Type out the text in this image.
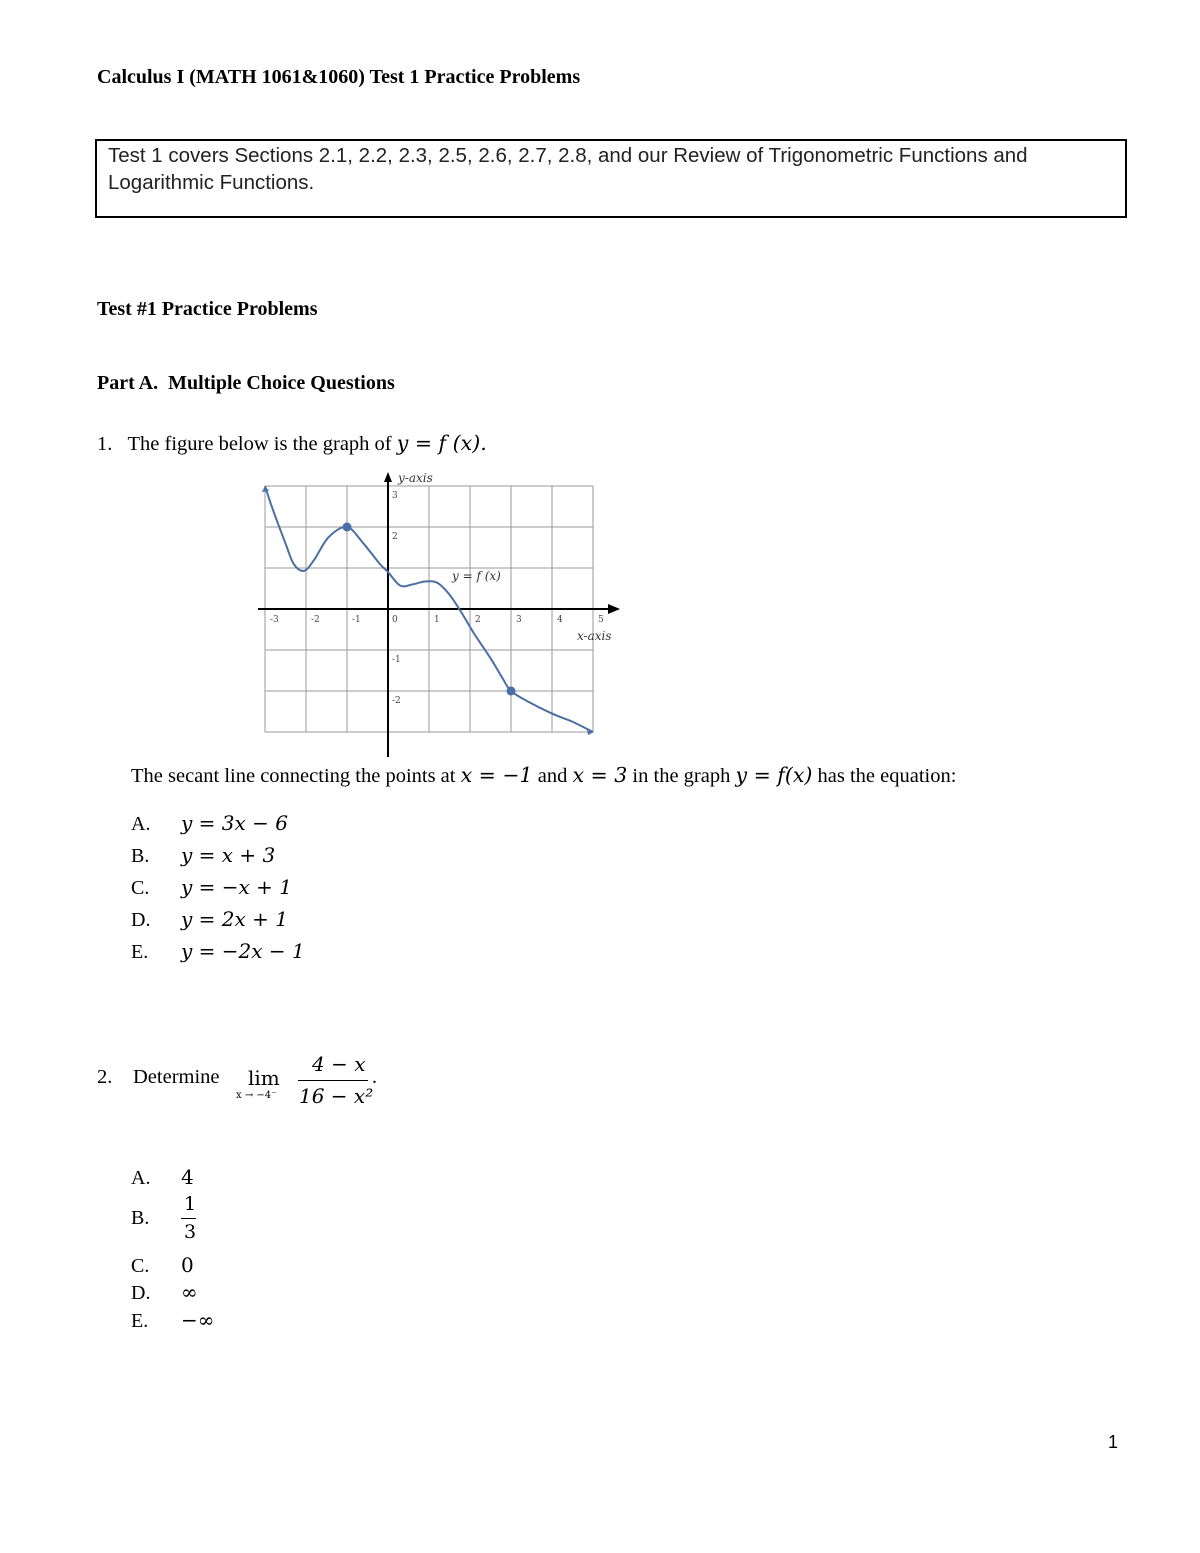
Calculus I (MATH 1061&1060) Test 1 Practice Problems
Test 1 covers Sections 2.1, 2.2, 2.3, 2.5, 2.6, 2.7, 2.8, and our Review of Trigonometric Functions and Logarithmic Functions.
Test #1 Practice Problems
Part A.  Multiple Choice Questions
1. The figure below is the graph of y = f (x).
-3	-2	-1	0	1	2	3	4	5
3
2
-1
-2
y-axis
x-axis
y = f (x)
The secant line connecting the points at x = −1 and x = 3 in the graph y = f(x) has the equation:
A. y = 3x − 6
B. y = x + 3
C. y = −x + 1
D. y = 2x + 1
E. y = −2x − 1
2. Determine lim
x → −4⁻
4 − x
16 − x²
.
A. 4
B.
1
3
C. 0
D. ∞
E. −∞
1
